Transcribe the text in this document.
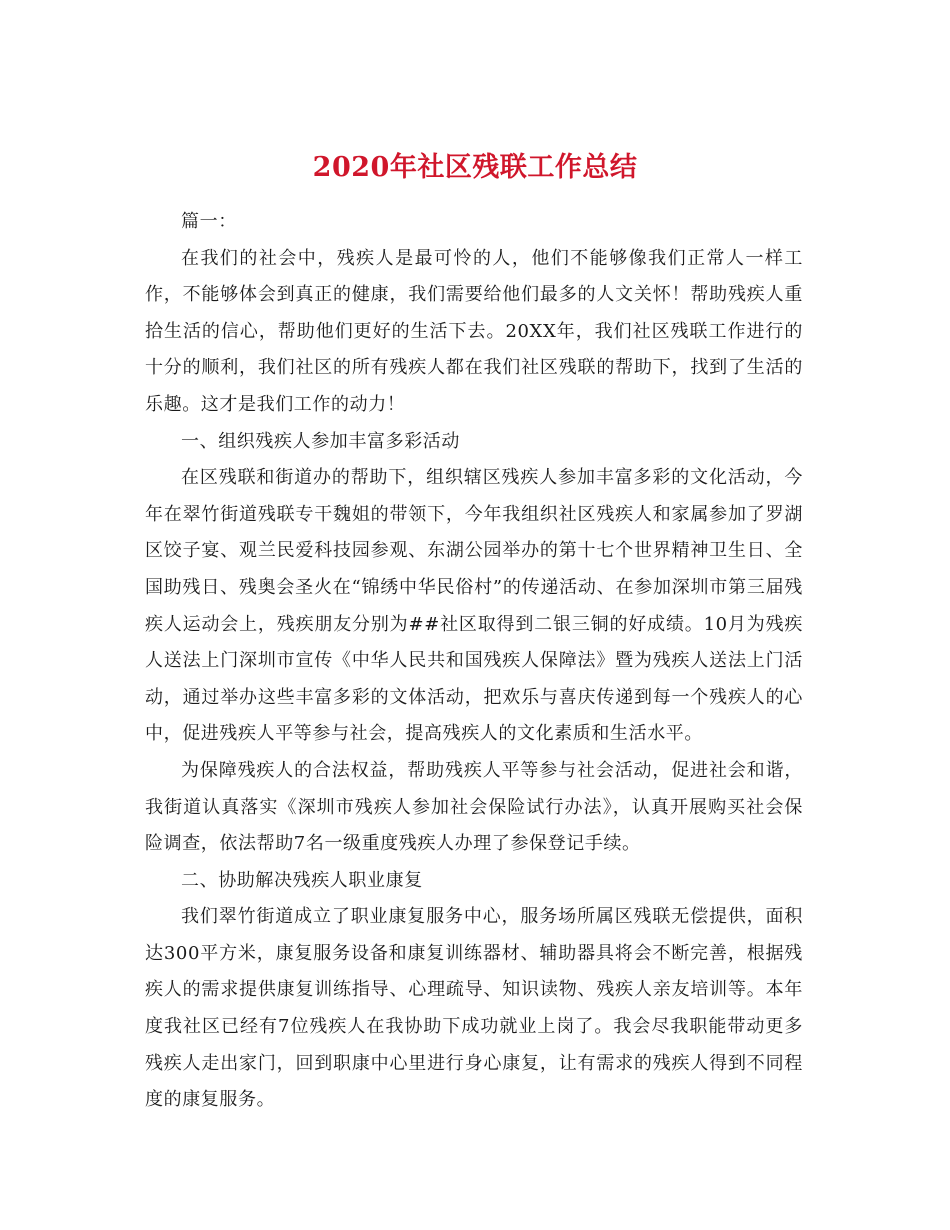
2020年社区残联工作总结

篇一：

在我们的社会中，残疾人是最可怜的人，他们不能够像我们正常人一样工作，不能够体会到真正的健康，我们需要给他们最多的人文关怀！帮助残疾人重拾生活的信心，帮助他们更好的生活下去。20XX年，我们社区残联工作进行的十分的顺利，我们社区的所有残疾人都在我们社区残联的帮助下，找到了生活的乐趣。这才是我们工作的动力！

一、组织残疾人参加丰富多彩活动

在区残联和街道办的帮助下，组织辖区残疾人参加丰富多彩的文化活动，今年在翠竹街道残联专干魏姐的带领下，今年我组织社区残疾人和家属参加了罗湖区饺子宴、观兰民爱科技园参观、东湖公园举办的第十七个世界精神卫生日、全国助残日、残奥会圣火在“锦绣中华民俗村”的传递活动、在参加深圳市第三届残疾人运动会上，残疾朋友分别为##社区取得到二银三铜的好成绩。10月为残疾人送法上门深圳市宣传《中华人民共和国残疾人保障法》暨为残疾人送法上门活动，通过举办这些丰富多彩的文体活动，把欢乐与喜庆传递到每一个残疾人的心中，促进残疾人平等参与社会，提高残疾人的文化素质和生活水平。

为保障残疾人的合法权益，帮助残疾人平等参与社会活动，促进社会和谐，我街道认真落实《深圳市残疾人参加社会保险试行办法》，认真开展购买社会保险调查，依法帮助7名一级重度残疾人办理了参保登记手续。

二、协助解决残疾人职业康复

我们翠竹街道成立了职业康复服务中心，服务场所属区残联无偿提供，面积达300平方米，康复服务设备和康复训练器材、辅助器具将会不断完善，根据残疾人的需求提供康复训练指导、心理疏导、知识读物、残疾人亲友培训等。本年度我社区已经有7位残疾人在我协助下成功就业上岗了。我会尽我职能带动更多残疾人走出家门，回到职康中心里进行身心康复，让有需求的残疾人得到不同程度的康复服务。
